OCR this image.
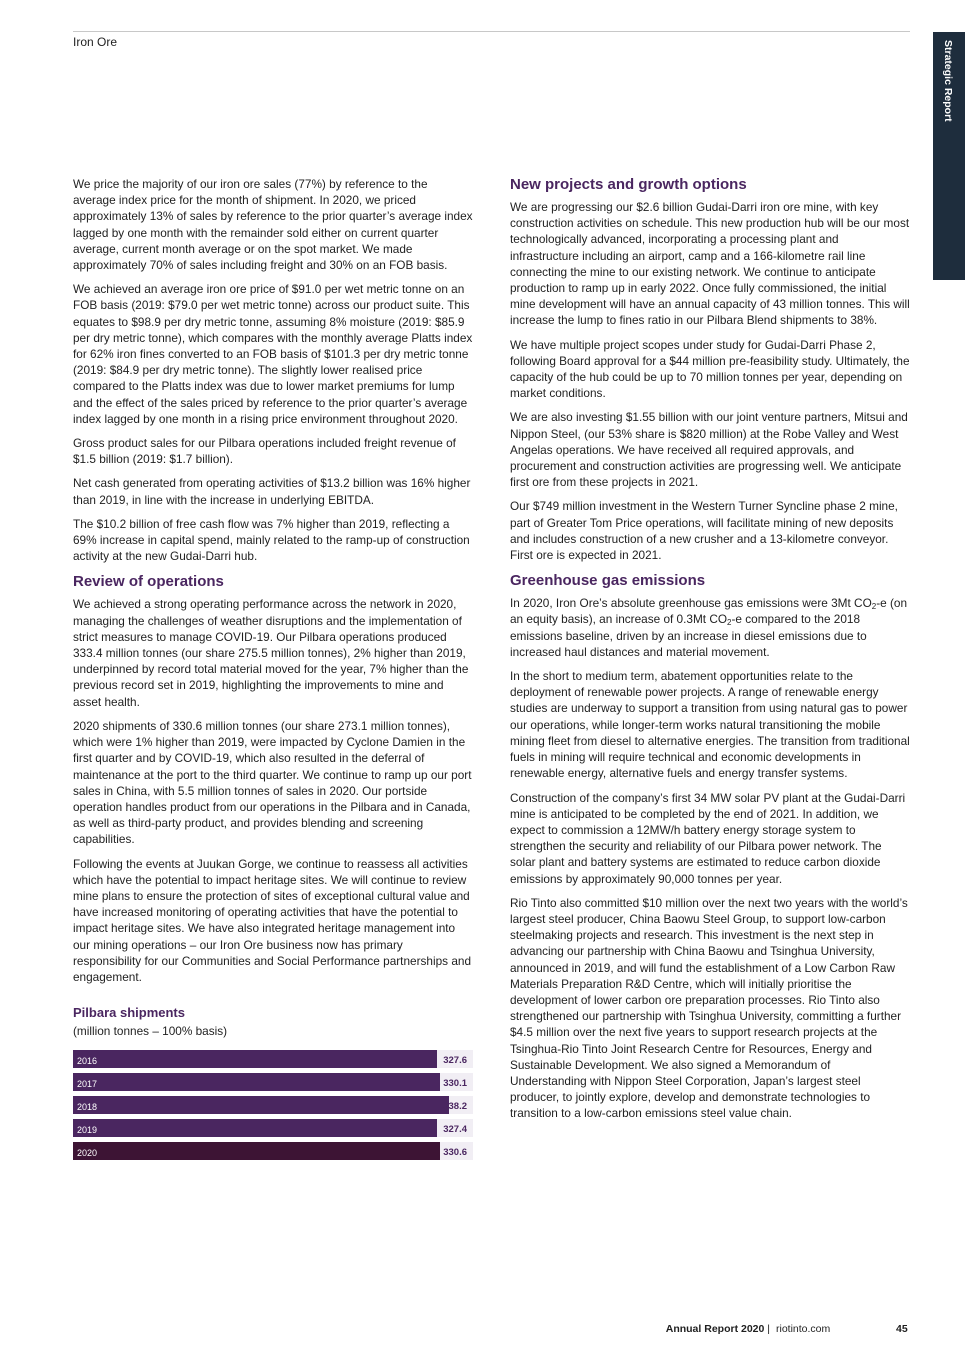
Iron Ore	Strategic Report

We price the majority of our iron ore sales (77%) by reference to the average index price for the month of shipment. In 2020, we priced approximately 13% of sales by reference to the prior quarter’s average index lagged by one month with the remainder sold either on current quarter average, current month average or on the spot market. We made approximately 70% of sales including freight and 30% on an FOB basis.

We achieved an average iron ore price of $91.0 per wet metric tonne on an FOB basis (2019: $79.0 per wet metric tonne) across our product suite. This equates to $98.9 per dry metric tonne, assuming 8% moisture (2019: $85.9 per dry metric tonne), which compares with the monthly average Platts index for 62% iron fines converted to an FOB basis of $101.3 per dry metric tonne (2019: $84.9 per dry metric tonne). The slightly lower realised price compared to the Platts index was due to lower market premiums for lump and the effect of the sales priced by reference to the prior quarter’s average index lagged by one month in a rising price environment throughout 2020.

Gross product sales for our Pilbara operations included freight revenue of $1.5 billion (2019: $1.7 billion).

Net cash generated from operating activities of $13.2 billion was 16% higher than 2019, in line with the increase in underlying EBITDA.

The $10.2 billion of free cash flow was 7% higher than 2019, reflecting a 69% increase in capital spend, mainly related to the ramp-up of construction activity at the new Gudai-Darri hub.

Review of operations

We achieved a strong operating performance across the network in 2020, managing the challenges of weather disruptions and the implementation of strict measures to manage COVID-19. Our Pilbara operations produced 333.4 million tonnes (our share 275.5 million tonnes), 2% higher than 2019, underpinned by record total material moved for the year, 7% higher than the previous record set in 2019, highlighting the improvements to mine and asset health.

2020 shipments of 330.6 million tonnes (our share 273.1 million tonnes), which were 1% higher than 2019, were impacted by Cyclone Damien in the first quarter and by COVID-19, which also resulted in the deferral of maintenance at the port to the third quarter. We continue to ramp up our port sales in China, with 5.5 million tonnes of sales in 2020. Our portside operation handles product from our operations in the Pilbara and in Canada, as well as third-party product, and provides blending and screening capabilities.

Following the events at Juukan Gorge, we continue to reassess all activities which have the potential to impact heritage sites. We will continue to review mine plans to ensure the protection of sites of exceptional cultural value and have increased monitoring of operating activities that have the potential to impact heritage sites. We have also integrated heritage management into our mining operations – our Iron Ore business now has primary responsibility for our Communities and Social Performance partnerships and engagement.

Pilbara shipments
(million tonnes – 100% basis)
2016	327.6
2017	330.1
2018	338.2
2019	327.4
2020	330.6
New projects and growth options

We are progressing our $2.6 billion Gudai-Darri iron ore mine, with key construction activities on schedule. This new production hub will be our most technologically advanced, incorporating a processing plant and infrastructure including an airport, camp and a 166-kilometre rail line connecting the mine to our existing network. We continue to anticipate production to ramp up in early 2022. Once fully commissioned, the initial mine development will have an annual capacity of 43 million tonnes. This will increase the lump to fines ratio in our Pilbara Blend shipments to 38%.

We have multiple project scopes under study for Gudai-Darri Phase 2, following Board approval for a $44 million pre-feasibility study. Ultimately, the capacity of the hub could be up to 70 million tonnes per year, depending on market conditions.

We are also investing $1.55 billion with our joint venture partners, Mitsui and Nippon Steel, (our 53% share is $820 million) at the Robe Valley and West Angelas operations. We have received all required approvals, and procurement and construction activities are progressing well. We anticipate first ore from these projects in 2021.

Our $749 million investment in the Western Turner Syncline phase 2 mine, part of Greater Tom Price operations, will facilitate mining of new deposits and includes construction of a new crusher and a 13-kilometre conveyor. First ore is expected in 2021.

Greenhouse gas emissions

In 2020, Iron Ore’s absolute greenhouse gas emissions were 3Mt $CO_2-e$ (on an equity basis), an increase of 0.3Mt $CO_2-e$ compared to the 2018 emissions baseline, driven by an increase in diesel emissions due to increased haul distances and material movement.

In the short to medium term, abatement opportunities relate to the deployment of renewable power projects. A range of renewable energy studies are underway to support a transition from using natural gas to power our operations, while longer-term works natural transitioning the mobile mining fleet from diesel to alternative energies. The transition from traditional fuels in mining will require technical and economic developments in renewable energy, alternative fuels and energy transfer systems.

Construction of the company’s first 34 MW solar PV plant at the Gudai-Darri mine is anticipated to be completed by the end of 2021. In addition, we expect to commission a 12MW/h battery energy storage system to strengthen the security and reliability of our Pilbara power network. The solar plant and battery systems are estimated to reduce carbon dioxide emissions by approximately 90,000 tonnes per year.

Rio Tinto also committed $10 million over the next two years with the world’s largest steel producer, China Baowu Steel Group, to support low-carbon steelmaking projects and research. This investment is the next step in advancing our partnership with China Baowu and Tsinghua University, announced in 2019, and will fund the establishment of a Low Carbon Raw Materials Preparation R&D Centre, which will initially prioritise the development of lower carbon ore preparation processes. Rio Tinto also strengthened our partnership with Tsinghua University, committing a further $4.5 million over the next five years to support research projects at the Tsinghua-Rio Tinto Joint Research Centre for Resources, Energy and Sustainable Development. We also signed a Memorandum of Understanding with Nippon Steel Corporation, Japan’s largest steel producer, to jointly explore, develop and demonstrate technologies to transition to a low-carbon emissions steel value chain.

Annual Report 2020 | riotinto.com	45
